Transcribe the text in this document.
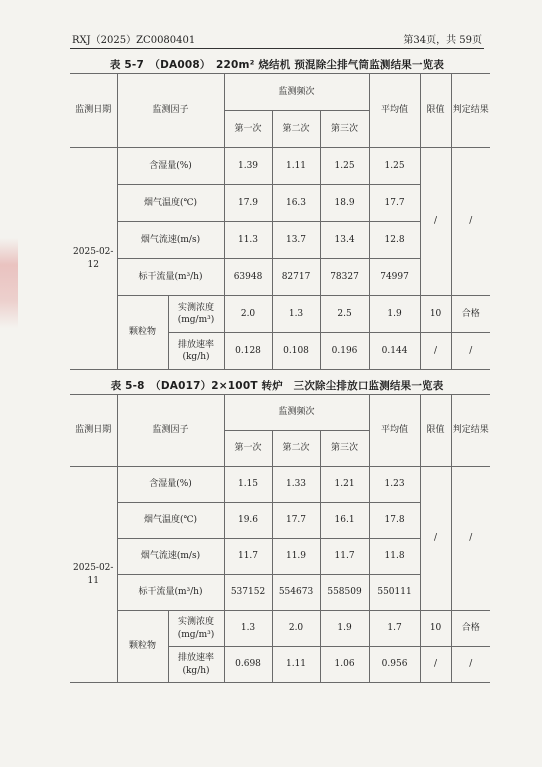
RXJ（2025）ZC0080401	第34页，共 59页
表 5-7　（DA008）　220m² 烧结机 预混除尘排气筒监测结果一览表
监测日期	监测因子		监测频次			平均值	限值	判定结果
			第一次	第二次	第三次			
2025-02-12	含湿量(%)		1.39	1.11	1.25	1.25	/	/
	烟气温度(℃)		17.9	16.3	18.9	17.7		
	烟气流速(m/s)		11.3	13.7	13.4	12.8		
	标干流量(m³/h)		63948	82717	78327	74997		
	颗粒物	实测浓度(mg/m³)	2.0	1.3	2.5	1.9	10	合格
		排放速率(kg/h)	0.128	0.108	0.196	0.144	/	/
表 5-8　（DA017）2×100T 转炉　三次除尘排放口监测结果一览表
监测日期	监测因子		监测频次			平均值	限值	判定结果
			第一次	第二次	第三次			
2025-02-11	含湿量(%)		1.15	1.33	1.21	1.23	/	/
	烟气温度(℃)		19.6	17.7	16.1	17.8		
	烟气流速(m/s)		11.7	11.9	11.7	11.8		
	标干流量(m³/h)		537152	554673	558509	550111		
	颗粒物	实测浓度(mg/m³)	1.3	2.0	1.9	1.7	10	合格
		排放速率(kg/h)	0.698	1.11	1.06	0.956	/	/
